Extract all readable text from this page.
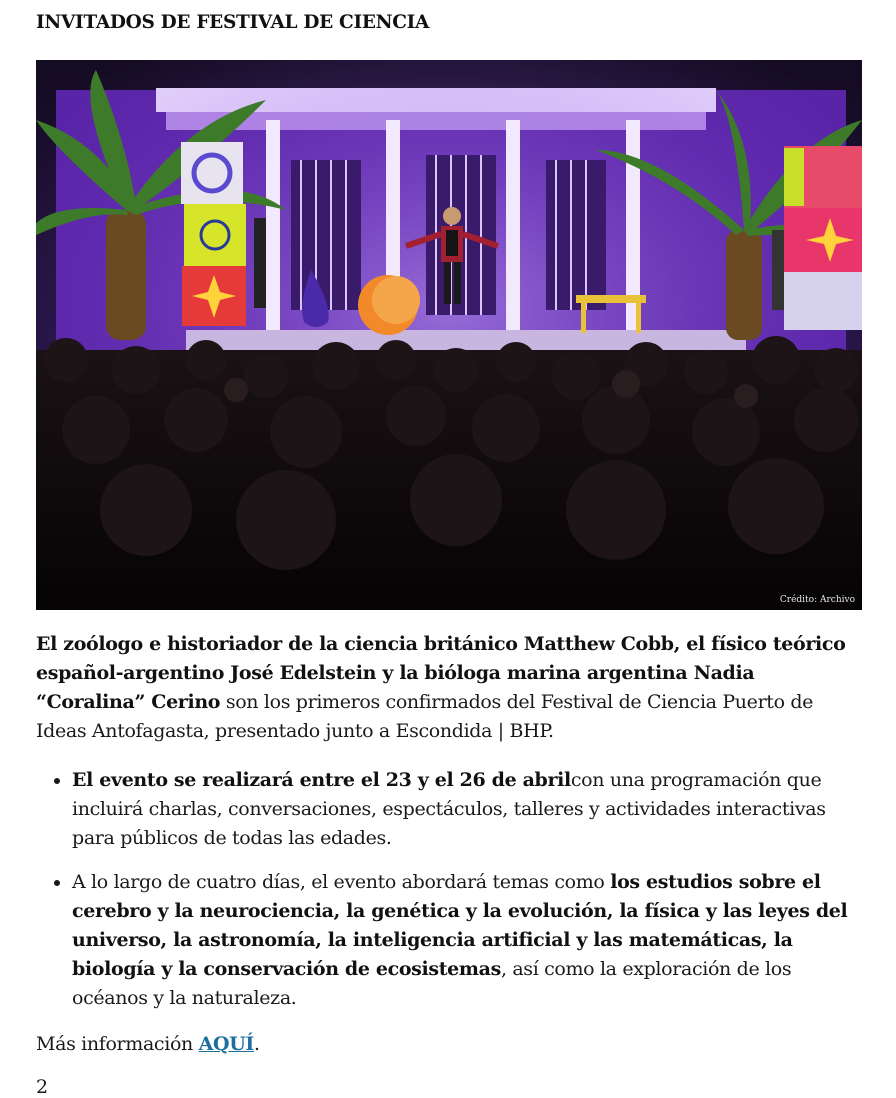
INVITADOS DE FESTIVAL DE CIENCIA
Crédito: Archivo

El zoólogo e historiador de la ciencia británico Matthew Cobb, el físico teórico español-argentino José Edelstein y la bióloga marina argentina Nadia “Coralina” Cerino son los primeros confirmados del Festival de Ciencia Puerto de Ideas Antofagasta, presentado junto a Escondida | BHP.

• El evento se realizará entre el 23 y el 26 de abrilcon una programación que incluirá charlas, conversaciones, espectáculos, talleres y actividades interactivas para públicos de todas las edades.
• A lo largo de cuatro días, el evento abordará temas como los estudios sobre el cerebro y la neurociencia, la genética y la evolución, la física y las leyes del universo, la astronomía, la inteligencia artificial y las matemáticas, la biología y la conservación de ecosistemas, así como la exploración de los océanos y la naturaleza.

Más información AQUÍ.

2
